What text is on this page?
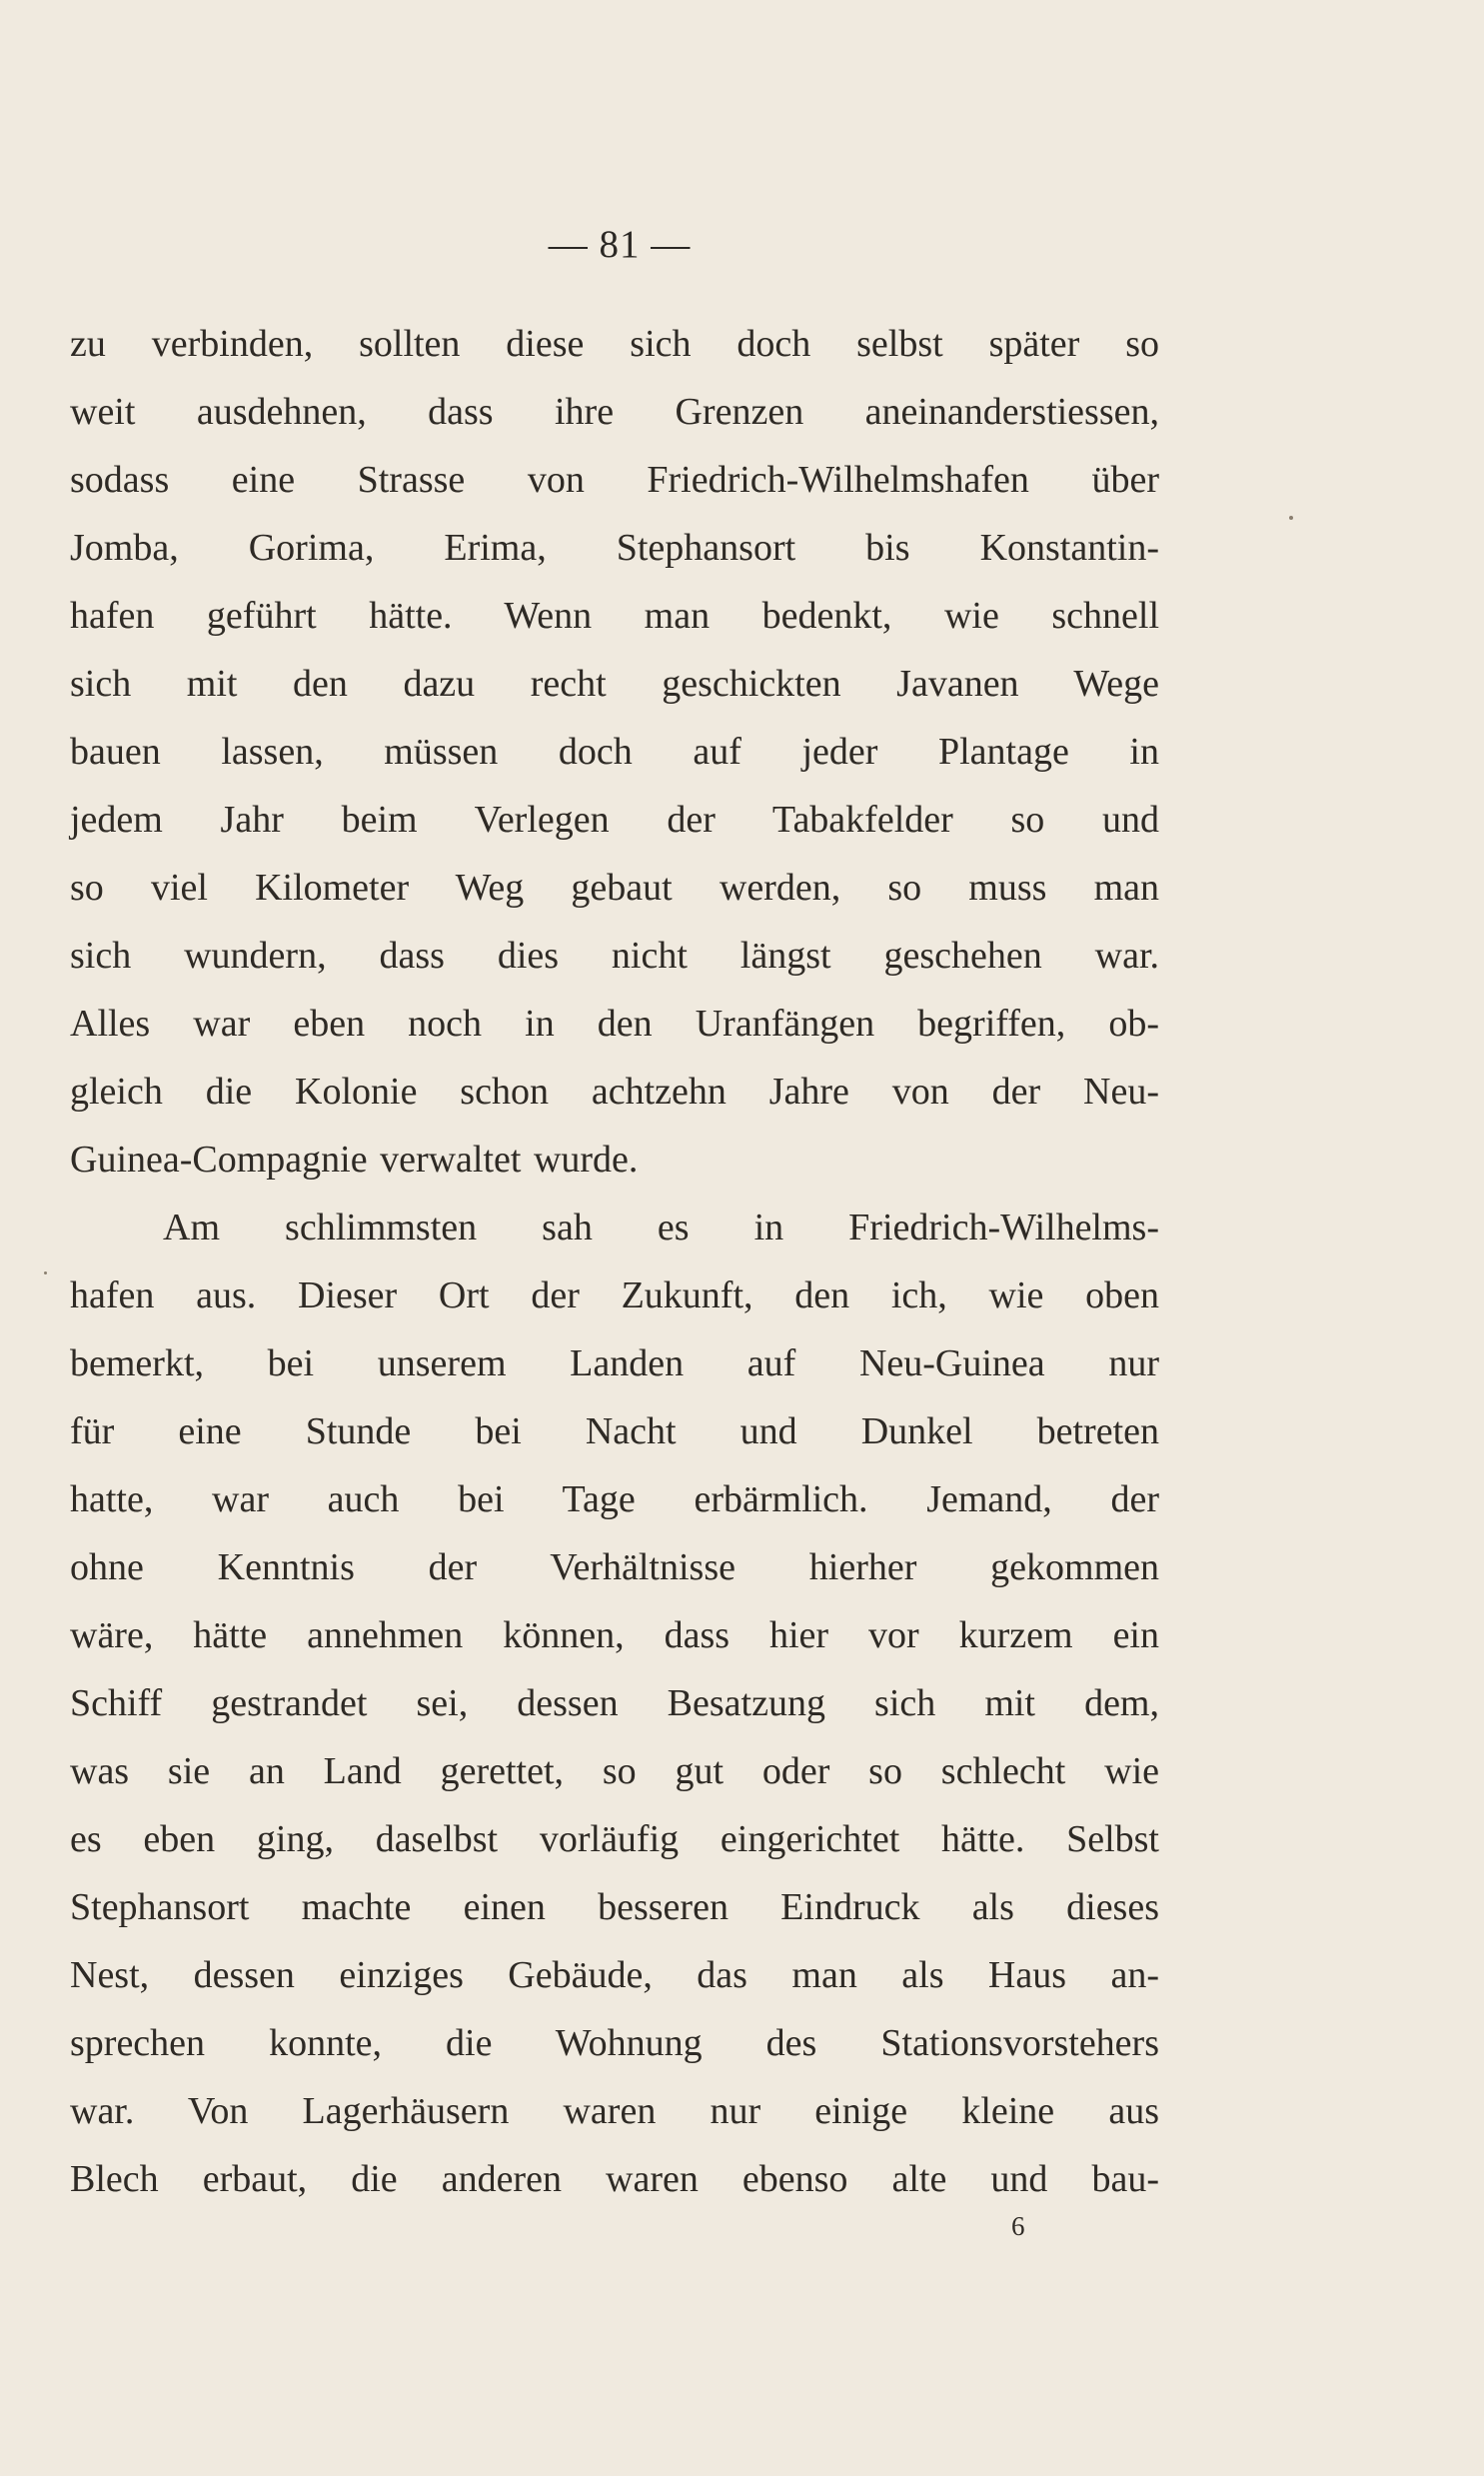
— 81 —
zu verbinden, sollten diese sich doch selbst später so
weit ausdehnen, dass ihre Grenzen aneinanderstiessen,
sodass eine Strasse von Friedrich-Wilhelmshafen über
Jomba, Gorima, Erima, Stephansort bis Konstantin-
hafen geführt hätte. Wenn man bedenkt, wie schnell
sich mit den dazu recht geschickten Javanen Wege
bauen lassen, müssen doch auf jeder Plantage in
jedem Jahr beim Verlegen der Tabakfelder so und
so viel Kilometer Weg gebaut werden, so muss man
sich wundern, dass dies nicht längst geschehen war.
Alles war eben noch in den Uranfängen begriffen, ob-
gleich die Kolonie schon achtzehn Jahre von der Neu-
Guinea-Compagnie verwaltet wurde.
Am schlimmsten sah es in Friedrich-Wilhelms-
hafen aus. Dieser Ort der Zukunft, den ich, wie oben
bemerkt, bei unserem Landen auf Neu-Guinea nur
für eine Stunde bei Nacht und Dunkel betreten
hatte, war auch bei Tage erbärmlich. Jemand, der
ohne Kenntnis der Verhältnisse hierher gekommen
wäre, hätte annehmen können, dass hier vor kurzem ein
Schiff gestrandet sei, dessen Besatzung sich mit dem,
was sie an Land gerettet, so gut oder so schlecht wie
es eben ging, daselbst vorläufig eingerichtet hätte. Selbst
Stephansort machte einen besseren Eindruck als dieses
Nest, dessen einziges Gebäude, das man als Haus an-
sprechen konnte, die Wohnung des Stationsvorstehers
war. Von Lagerhäusern waren nur einige kleine aus
Blech erbaut, die anderen waren ebenso alte und bau-
6
